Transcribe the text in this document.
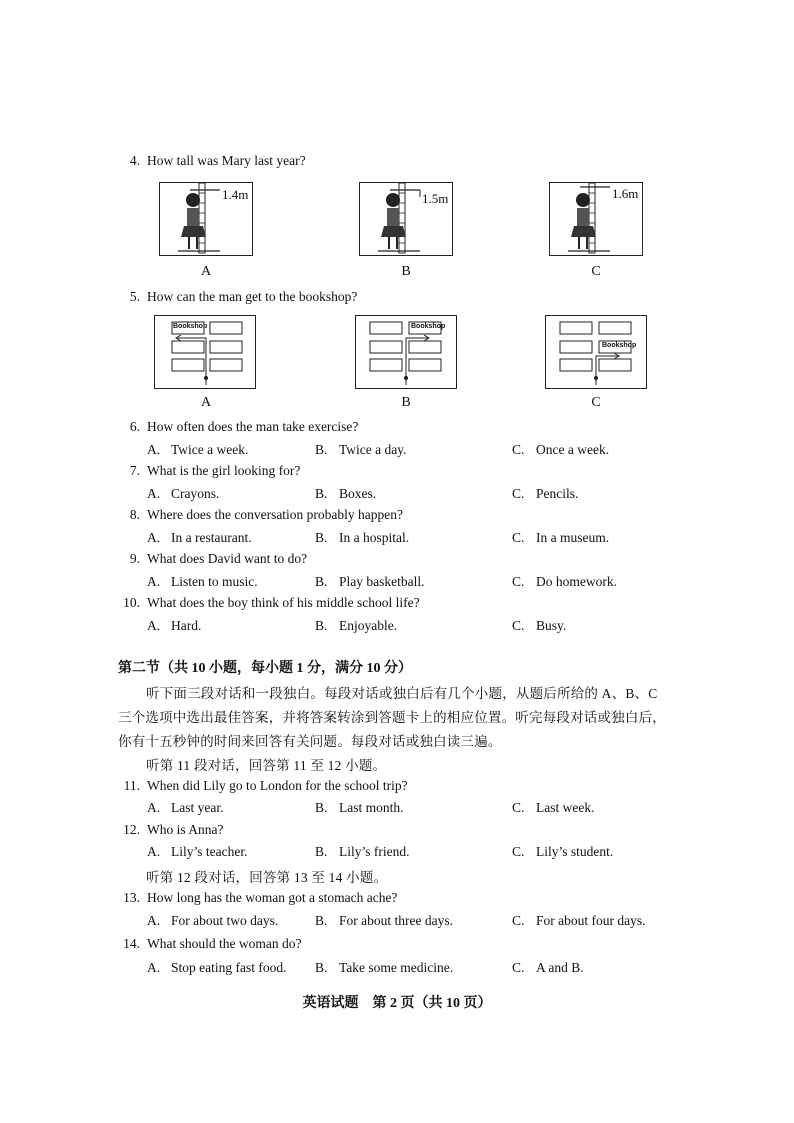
4. How tall was Mary last year?
1.4m
A
1.5m
B
1.6m
C
5. How can the man get to the bookshop?
Bookshop
A
Bookshop
B
Bookshop
C
6. How often does the man take exercise?
A. Twice a week.	B. Twice a day.	C. Once a week.
7. What is the girl looking for?
A. Crayons.	B. Boxes.	C. Pencils.
8. Where does the conversation probably happen?
A. In a restaurant.	B. In a hospital.	C. In a museum.
9. What does David want to do?
A. Listen to music.	B. Play basketball.	C. Do homework.
10. What does the boy think of his middle school life?
A. Hard.	B. Enjoyable.	C. Busy.
第二节（共 10 小题，每小题 1 分，满分 10 分）
听下面三段对话和一段独白。每段对话或独白后有几个小题，从题后所给的 A、B、C
三个选项中选出最佳答案，并将答案转涂到答题卡上的相应位置。听完每段对话或独白后，
你有十五秒钟的时间来回答有关问题。每段对话或独白读三遍。
听第 11 段对话，回答第 11 至 12 小题。
11. When did Lily go to London for the school trip?
A. Last year.	B. Last month.	C. Last week.
12. Who is Anna?
A. Lily’s teacher.	B. Lily’s friend.	C. Lily’s student.
听第 12 段对话，回答第 13 至 14 小题。
13. How long has the woman got a stomach ache?
A. For about two days.	B. For about three days.	C. For about four days.
14. What should the woman do?
A. Stop eating fast food. B. Take some medicine.	C. A and B.
英语试题　第 2 页（共 10 页）
